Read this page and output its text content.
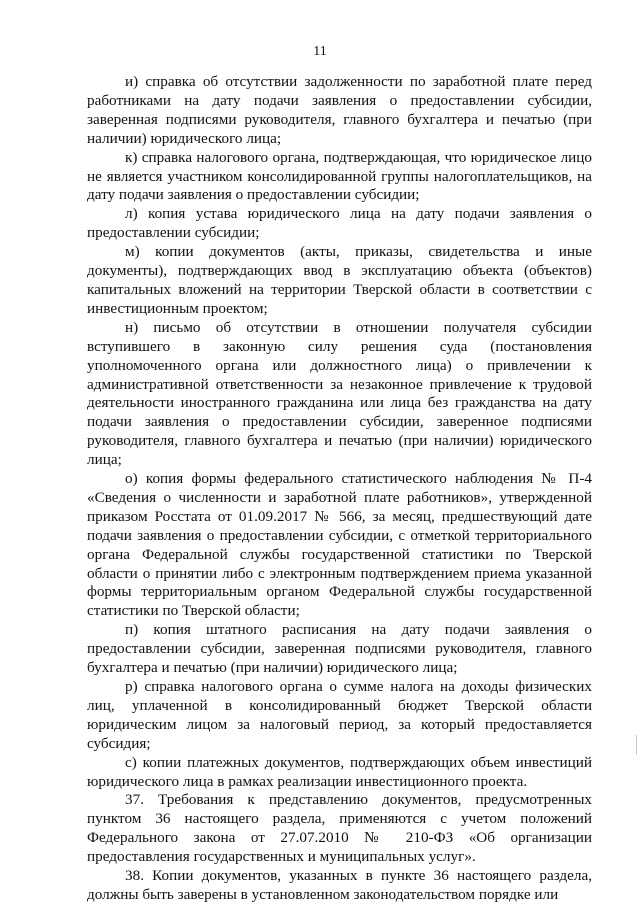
11

и) справка об отсутствии задолженности по заработной плате перед работниками на дату подачи заявления о предоставлении субсидии, заверенная подписями руководителя, главного бухгалтера и печатью (при наличии) юридического лица;

к) справка налогового органа, подтверждающая, что юридическое лицо не является участником консолидированной группы налогоплательщиков, на дату подачи заявления о предоставлении субсидии;

л) копия устава юридического лица на дату подачи заявления о предоставлении субсидии;

м) копии документов (акты, приказы, свидетельства и иные документы), подтверждающих ввод в эксплуатацию объекта (объектов) капитальных вложений на территории Тверской области в соответствии с инвестиционным проектом;

н) письмо об отсутствии в отношении получателя субсидии вступившего в законную силу решения суда (постановления уполномоченного органа или должностного лица) о привлечении к административной ответственности за незаконное привлечение к трудовой деятельности иностранного гражданина или лица без гражданства на дату подачи заявления о предоставлении субсидии, заверенное подписями руководителя, главного бухгалтера и печатью (при наличии) юридического лица;

о) копия формы федерального статистического наблюдения № П-4 «Сведения о численности и заработной плате работников», утвержденной приказом Росстата от 01.09.2017 № 566, за месяц, предшествующий дате подачи заявления о предоставлении субсидии, с отметкой территориального органа Федеральной службы государственной статистики по Тверской области о принятии либо с электронным подтверждением приема указанной формы территориальным органом Федеральной службы государственной статистики по Тверской области;

п) копия штатного расписания на дату подачи заявления о предоставлении субсидии, заверенная подписями руководителя, главного бухгалтера и печатью (при наличии) юридического лица;

р) справка налогового органа о сумме налога на доходы физических лиц, уплаченной в консолидированный бюджет Тверской области юридическим лицом за налоговый период, за который предоставляется субсидия;

с) копии платежных документов, подтверждающих объем инвестиций юридического лица в рамках реализации инвестиционного проекта.

37. Требования к представлению документов, предусмотренных пунктом 36 настоящего раздела, применяются с учетом положений Федерального закона от 27.07.2010 № 210-ФЗ «Об организации предоставления государственных и муниципальных услуг».

38. Копии документов, указанных в пункте 36 настоящего раздела, должны быть заверены в установленном законодательством порядке или
